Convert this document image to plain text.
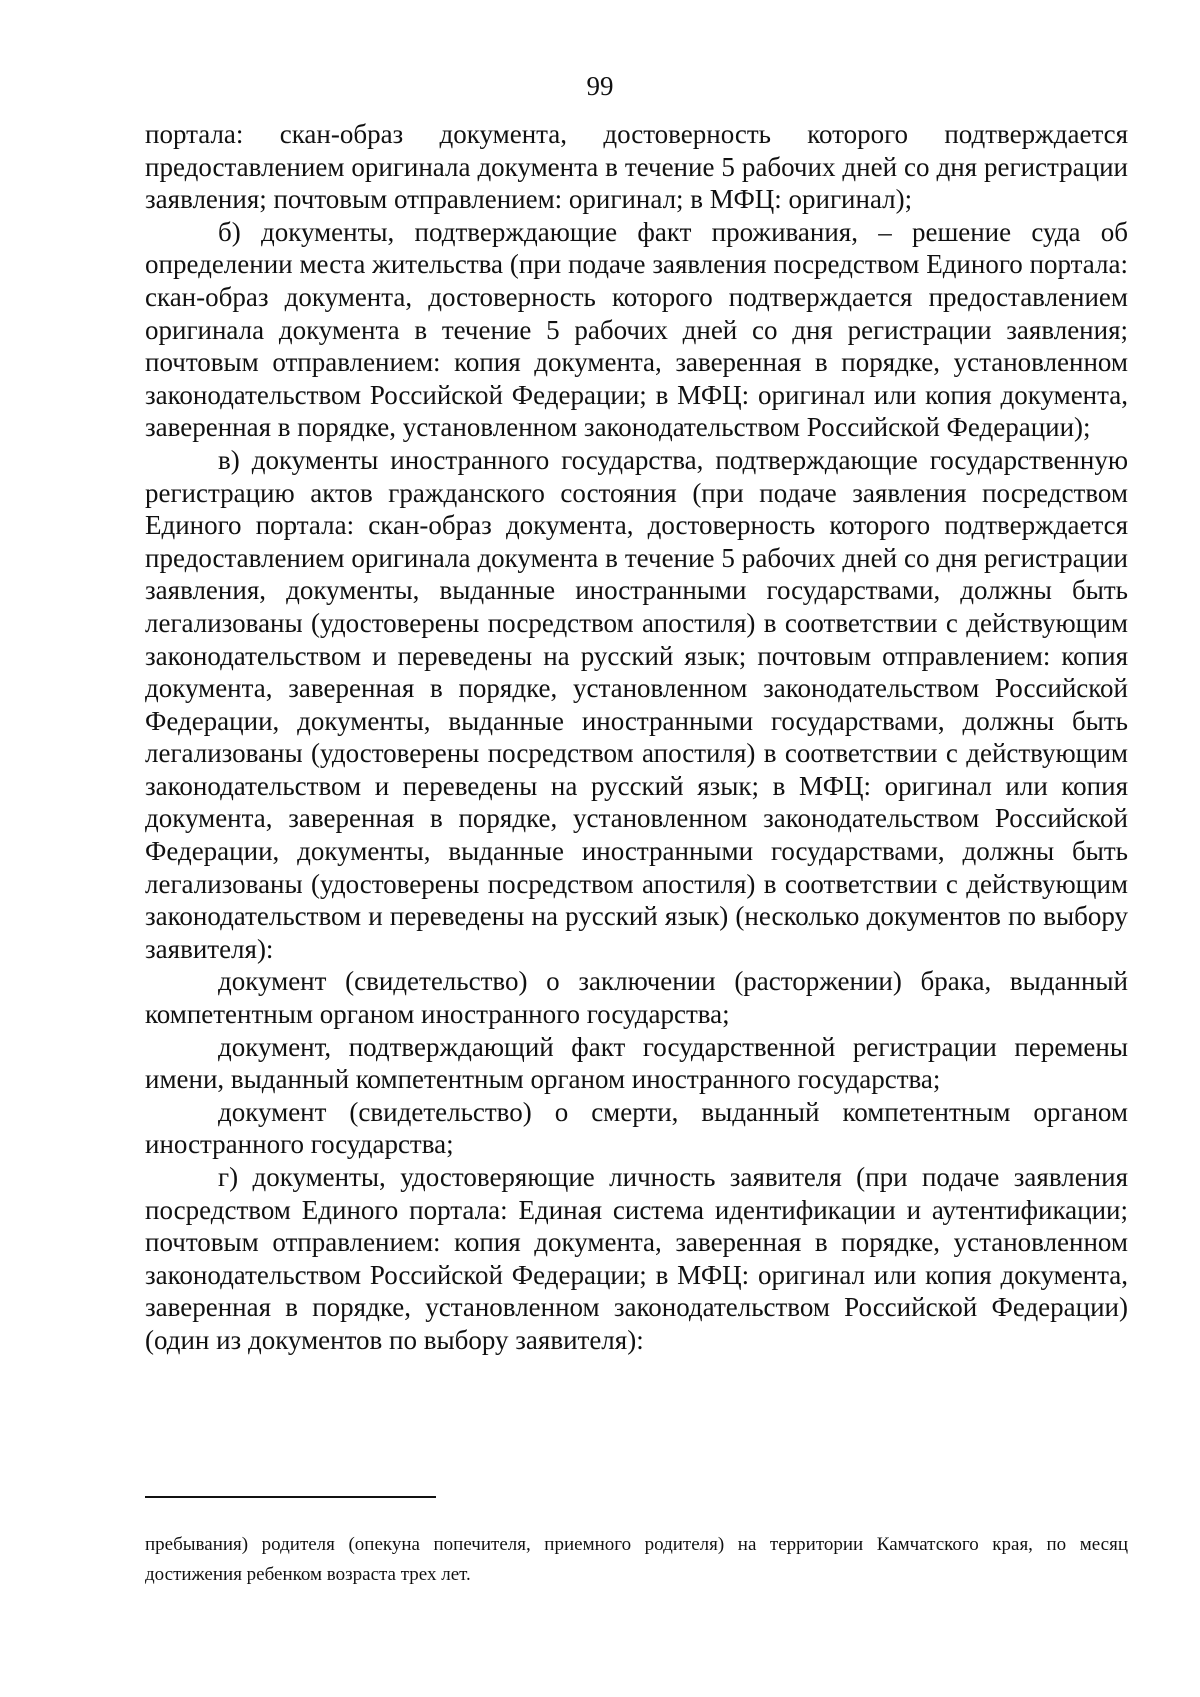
99

портала: скан-образ документа, достоверность которого подтверждается предоставлением оригинала документа в течение 5 рабочих дней со дня регистрации заявления; почтовым отправлением: оригинал; в МФЦ: оригинал);

б) документы, подтверждающие факт проживания, – решение суда об определении места жительства (при подаче заявления посредством Единого портала: скан-образ документа, достоверность которого подтверждается предоставлением оригинала документа в течение 5 рабочих дней со дня регистрации заявления; почтовым отправлением: копия документа, заверенная в порядке, установленном законодательством Российской Федерации; в МФЦ: оригинал или копия документа, заверенная в порядке, установленном законодательством Российской Федерации);

в) документы иностранного государства, подтверждающие государственную регистрацию актов гражданского состояния (при подаче заявления посредством Единого портала: скан-образ документа, достоверность которого подтверждается предоставлением оригинала документа в течение 5 рабочих дней со дня регистрации заявления, документы, выданные иностранными государствами, должны быть легализованы (удостоверены посредством апостиля) в соответствии с действующим законодательством и переведены на русский язык; почтовым отправлением: копия документа, заверенная в порядке, установленном законодательством Российской Федерации, документы, выданные иностранными государствами, должны быть легализованы (удостоверены посредством апостиля) в соответствии с действующим законодательством и переведены на русский язык; в МФЦ: оригинал или копия документа, заверенная в порядке, установленном законодательством Российской Федерации, документы, выданные иностранными государствами, должны быть легализованы (удостоверены посредством апостиля) в соответствии с действующим законодательством и переведены на русский язык) (несколько документов по выбору заявителя):

документ (свидетельство) о заключении (расторжении) брака, выданный компетентным органом иностранного государства;

документ, подтверждающий факт государственной регистрации перемены имени, выданный компетентным органом иностранного государства;

документ (свидетельство) о смерти, выданный компетентным органом иностранного государства;

г) документы, удостоверяющие личность заявителя (при подаче заявления посредством Единого портала: Единая система идентификации и аутентификации; почтовым отправлением: копия документа, заверенная в порядке, установленном законодательством Российской Федерации; в МФЦ: оригинал или копия документа, заверенная в порядке, установленном законодательством Российской Федерации) (один из документов по выбору заявителя):

пребывания) родителя (опекуна попечителя, приемного родителя) на территории Камчатского края, по месяц достижения ребенком возраста трех лет.
